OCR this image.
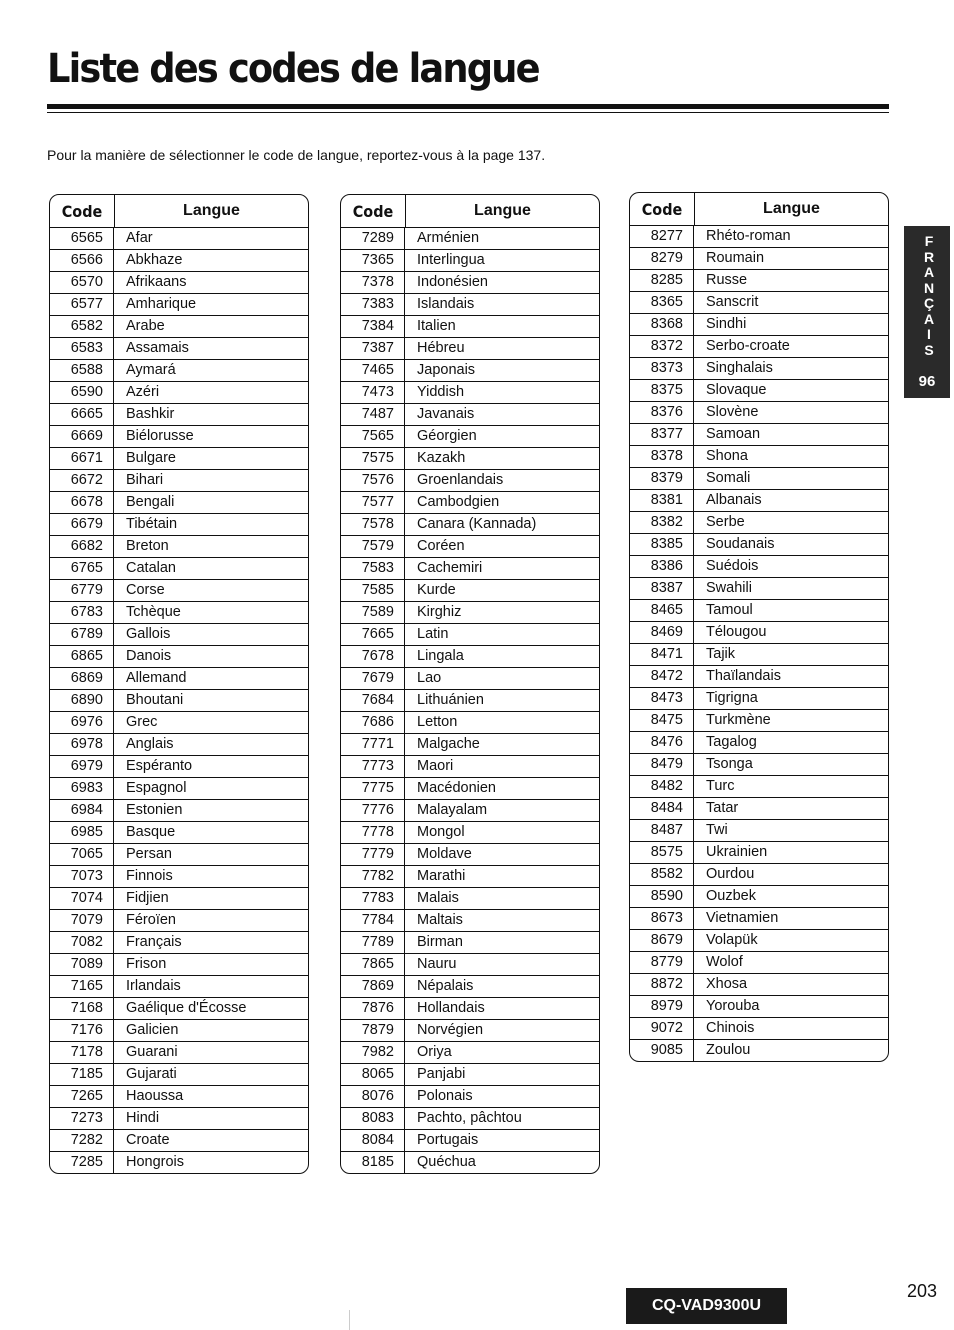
Liste des codes de langue

Pour la manière de sélectionner le code de langue, reportez-vous à la page 137.

Code	Langue
6565	Afar
6566	Abkhaze
6570	Afrikaans
6577	Amharique
6582	Arabe
6583	Assamais
6588	Aymará
6590	Azéri
6665	Bashkir
6669	Biélorusse
6671	Bulgare
6672	Bihari
6678	Bengali
6679	Tibétain
6682	Breton
6765	Catalan
6779	Corse
6783	Tchèque
6789	Gallois
6865	Danois
6869	Allemand
6890	Bhoutani
6976	Grec
6978	Anglais
6979	Espéranto
6983	Espagnol
6984	Estonien
6985	Basque
7065	Persan
7073	Finnois
7074	Fidjien
7079	Féroïen
7082	Français
7089	Frison
7165	Irlandais
7168	Gaélique d'Écosse
7176	Galicien
7178	Guarani
7185	Gujarati
7265	Haoussa
7273	Hindi
7282	Croate
7285	Hongrois
Code	Langue
7289	Arménien
7365	Interlingua
7378	Indonésien
7383	Islandais
7384	Italien
7387	Hébreu
7465	Japonais
7473	Yiddish
7487	Javanais
7565	Géorgien
7575	Kazakh
7576	Groenlandais
7577	Cambodgien
7578	Canara (Kannada)
7579	Coréen
7583	Cachemiri
7585	Kurde
7589	Kirghiz
7665	Latin
7678	Lingala
7679	Lao
7684	Lithuánien
7686	Letton
7771	Malgache
7773	Maori
7775	Macédonien
7776	Malayalam
7778	Mongol
7779	Moldave
7782	Marathi
7783	Malais
7784	Maltais
7789	Birman
7865	Nauru
7869	Népalais
7876	Hollandais
7879	Norvégien
7982	Oriya
8065	Panjabi
8076	Polonais
8083	Pachto, pâchtou
8084	Portugais
8185	Quéchua
Code	Langue
8277	Rhéto-roman
8279	Roumain
8285	Russe
8365	Sanscrit
8368	Sindhi
8372	Serbo-croate
8373	Singhalais
8375	Slovaque
8376	Slovène
8377	Samoan
8378	Shona
8379	Somali
8381	Albanais
8382	Serbe
8385	Soudanais
8386	Suédois
8387	Swahili
8465	Tamoul
8469	Télougou
8471	Tajik
8472	Thaïlandais
8473	Tigrigna
8475	Turkmène
8476	Tagalog
8479	Tsonga
8482	Turc
8484	Tatar
8487	Twi
8575	Ukrainien
8582	Ourdou
8590	Ouzbek
8673	Vietnamien
8679	Volapük
8779	Wolof
8872	Xhosa
8979	Yorouba
9072	Chinois
9085	Zoulou
F
R
A
N
Ç
A
I
S
96
CQ-VAD9300U
203
